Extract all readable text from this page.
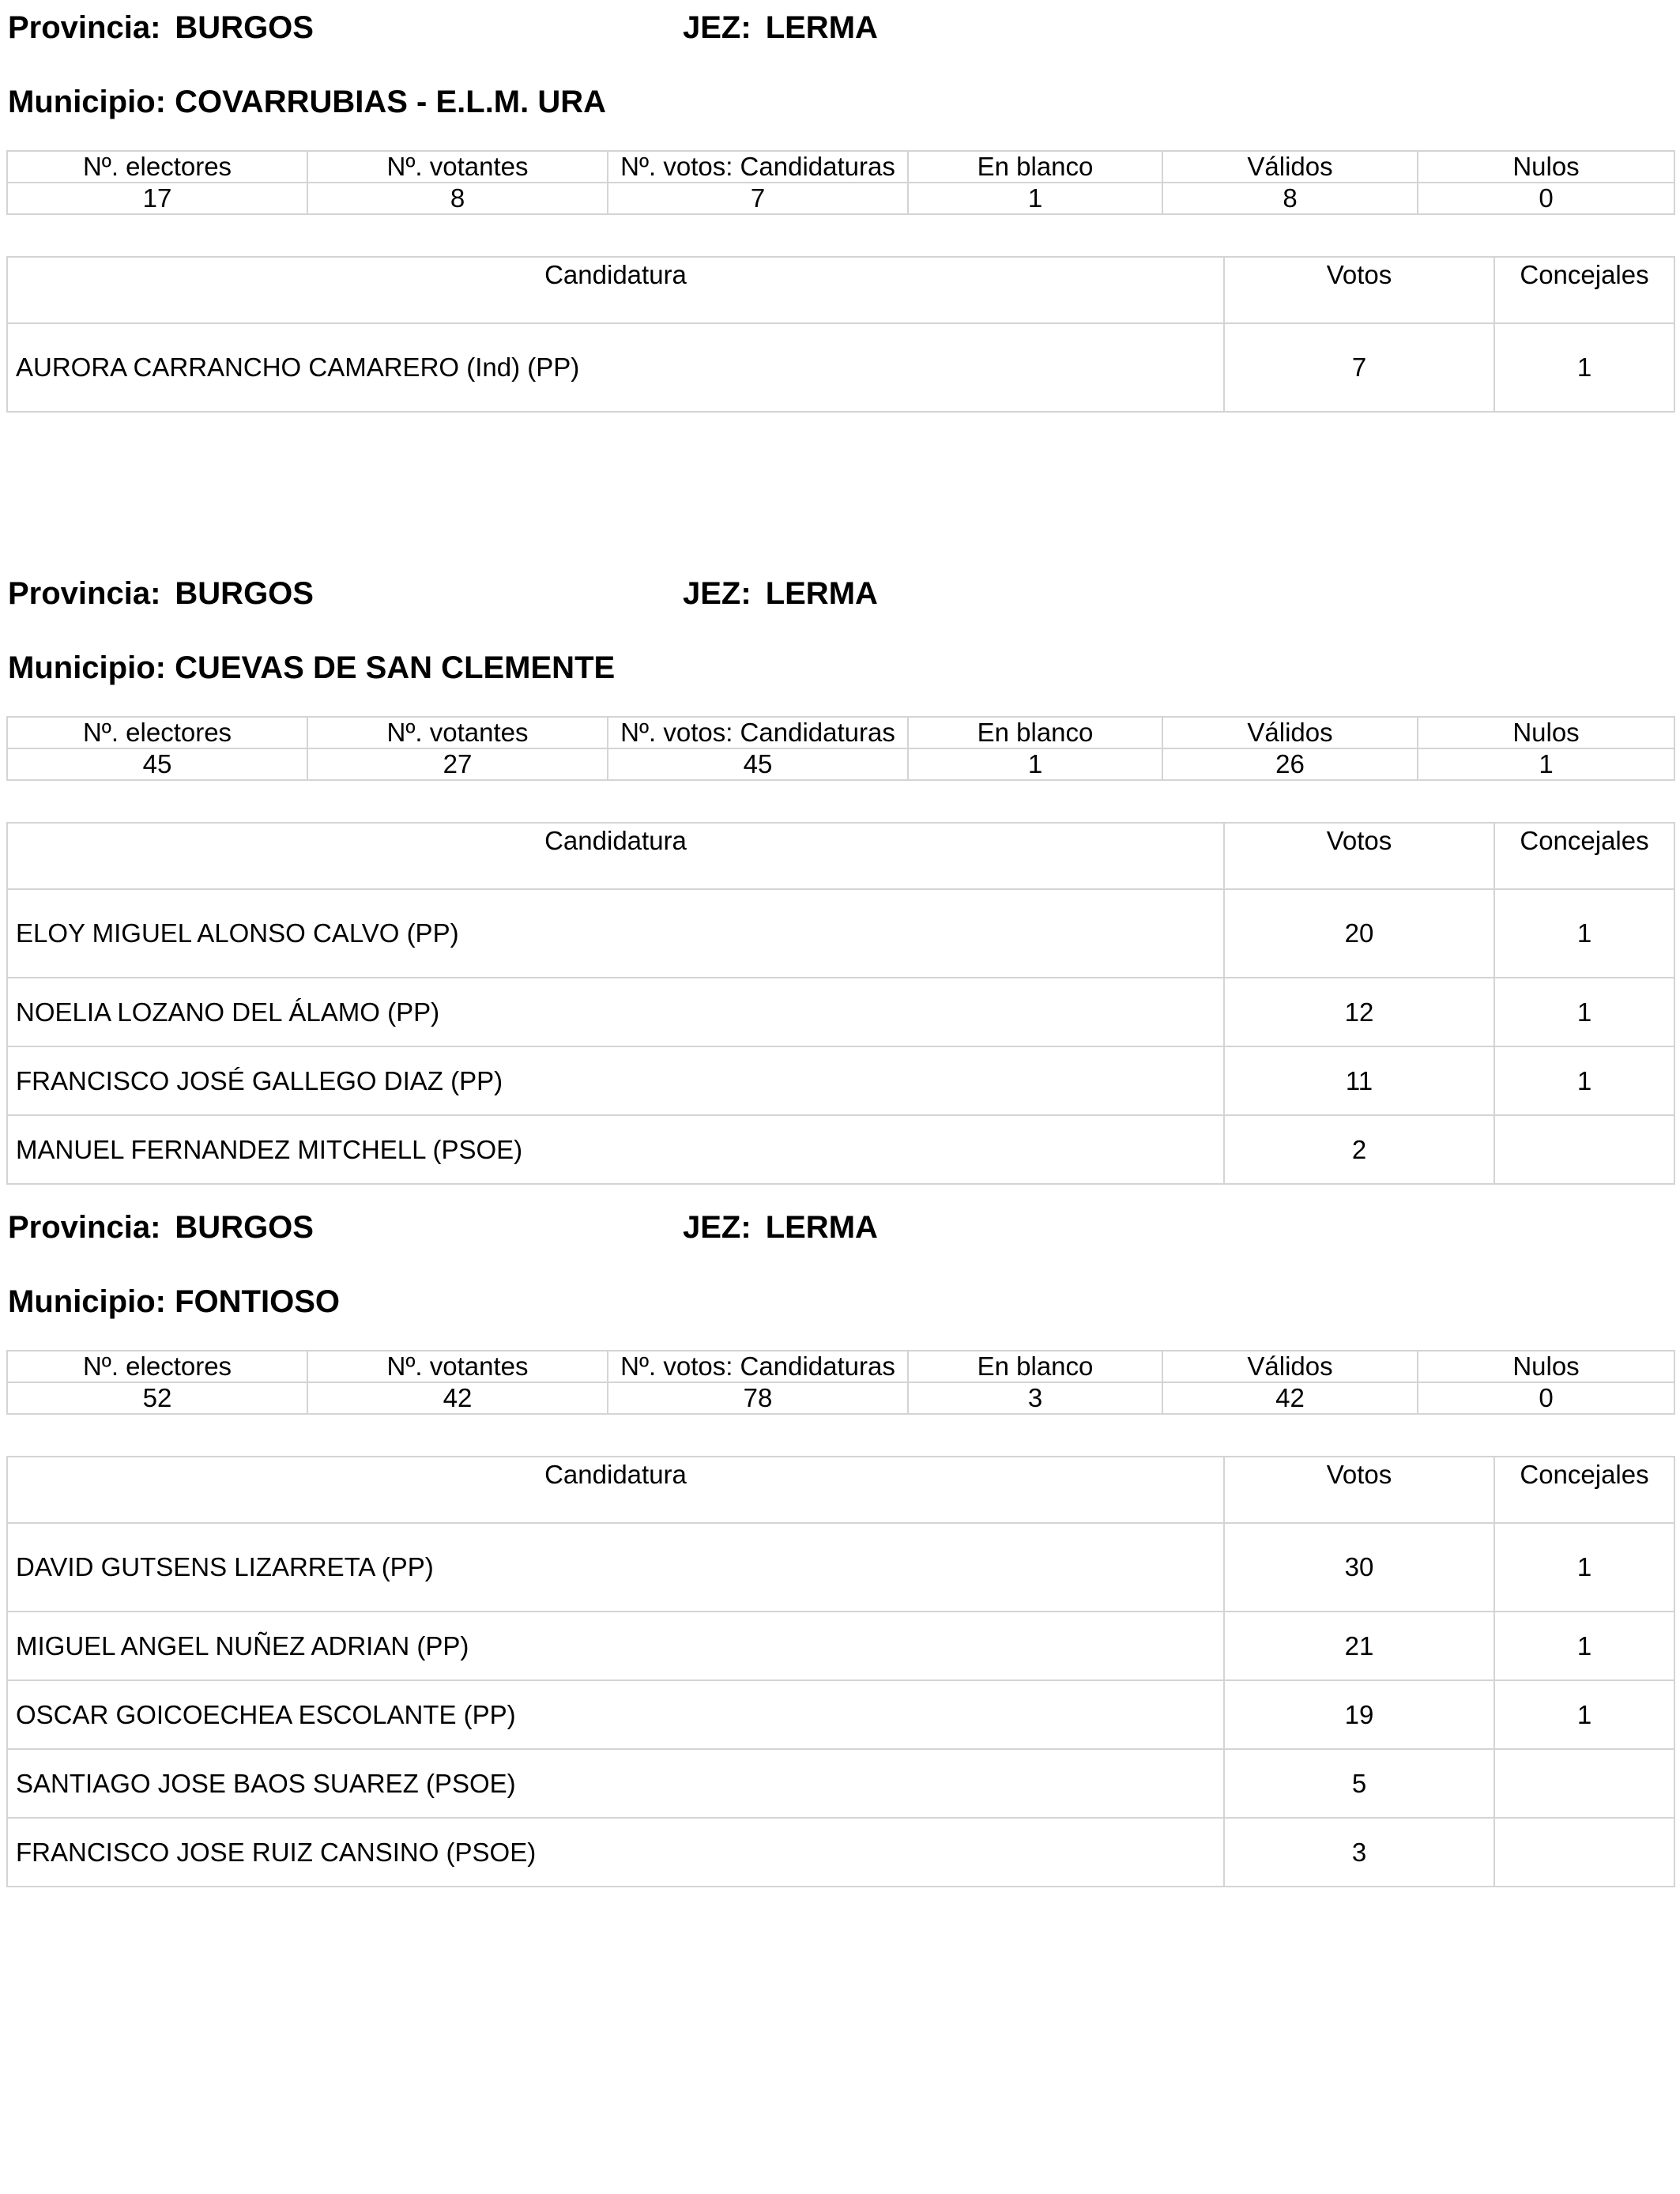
Provincia: BURGOS	JEZ: LERMA
Municipio: COVARRUBIAS - E.L.M. URA
Nº. electores	Nº. votantes	Nº. votos: Candidaturas	En blanco	Válidos	Nulos
17	8	7	1	8	0
Candidatura	Votos	Concejales
AURORA CARRANCHO CAMARERO (Ind) (PP)	7	1
Provincia: BURGOS	JEZ: LERMA
Municipio: CUEVAS DE SAN CLEMENTE
Nº. electores	Nº. votantes	Nº. votos: Candidaturas	En blanco	Válidos	Nulos
45	27	45	1	26	1
Candidatura	Votos	Concejales
ELOY MIGUEL ALONSO CALVO (PP)	20	1
NOELIA LOZANO DEL ÁLAMO (PP)	12	1
FRANCISCO JOSÉ GALLEGO DIAZ (PP)	11	1
MANUEL FERNANDEZ MITCHELL (PSOE)	2	
Provincia: BURGOS	JEZ: LERMA
Municipio: FONTIOSO
Nº. electores	Nº. votantes	Nº. votos: Candidaturas	En blanco	Válidos	Nulos
52	42	78	3	42	0
Candidatura	Votos	Concejales
DAVID GUTSENS LIZARRETA (PP)	30	1
MIGUEL ANGEL NUÑEZ ADRIAN (PP)	21	1
OSCAR GOICOECHEA ESCOLANTE (PP)	19	1
SANTIAGO JOSE BAOS SUAREZ (PSOE)	5	
FRANCISCO JOSE RUIZ CANSINO (PSOE)	3	
